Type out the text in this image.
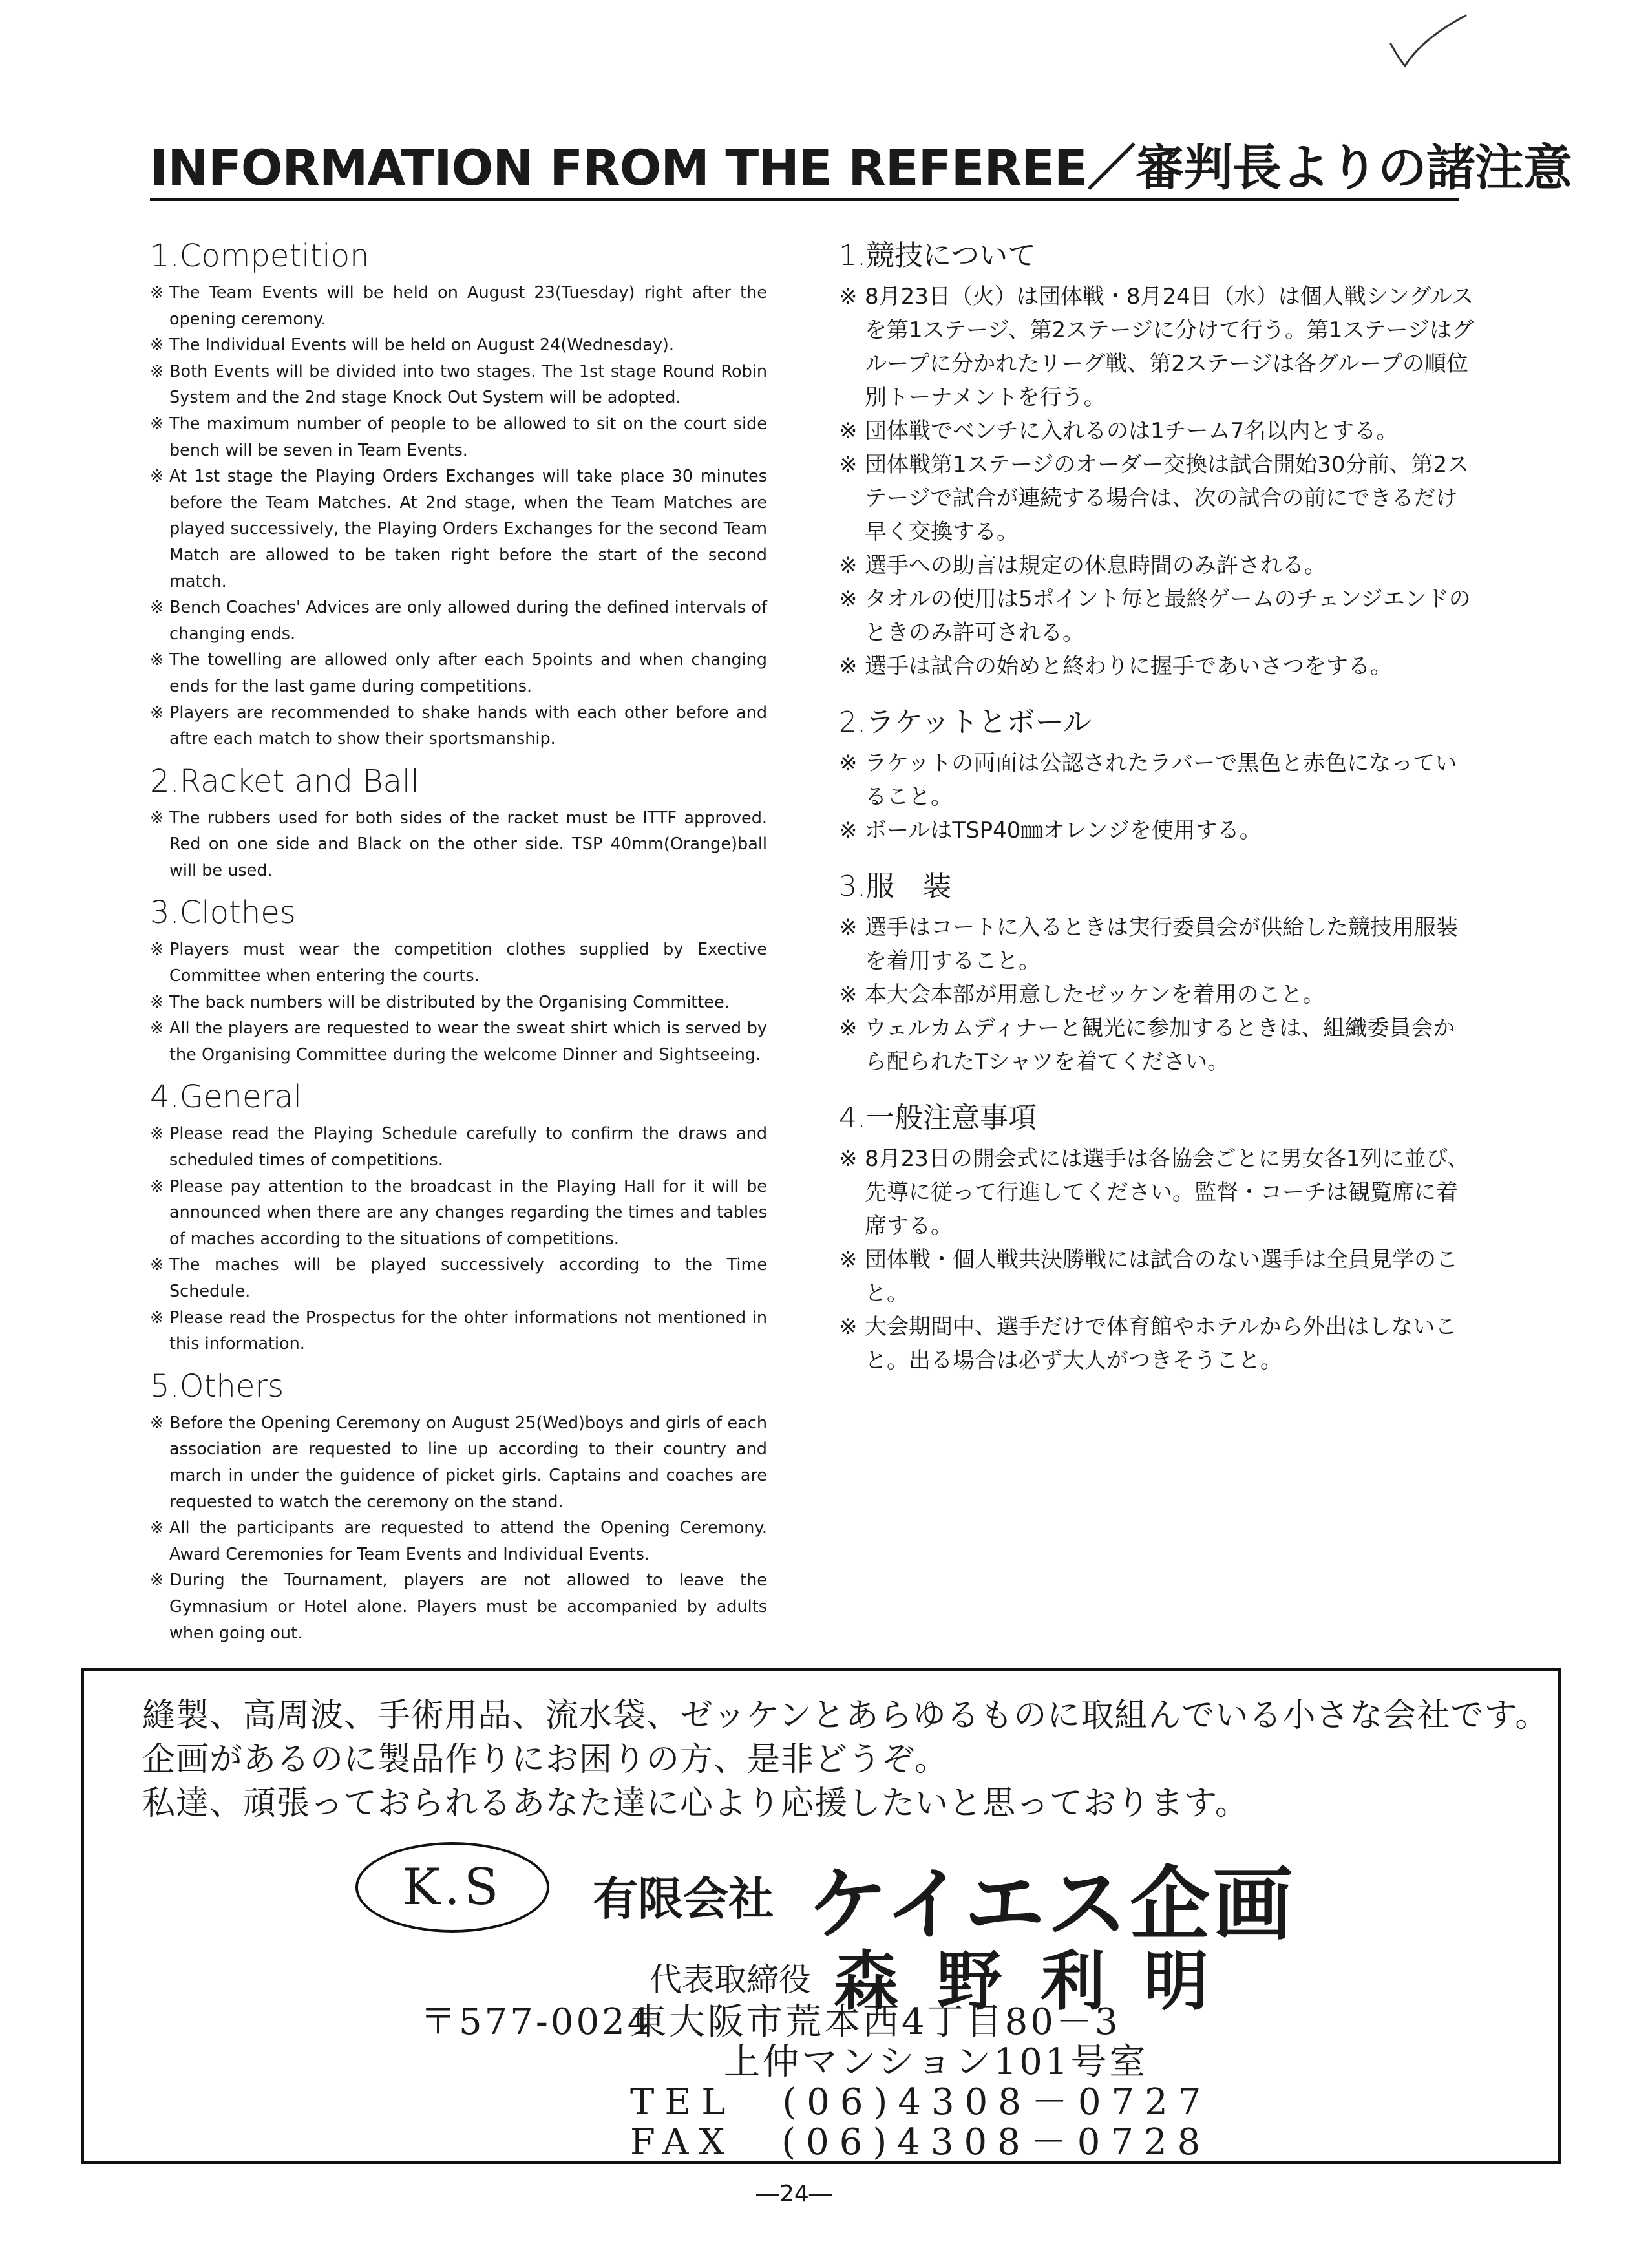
INFORMATION FROM THE REFEREE／審判長よりの諸注意
1.Competition
※ The Team Events will be held on August 23(Tuesday) right after the opening ceremony.
※ The Individual Events will be held on August 24(Wednesday).
※ Both Events will be divided into two stages. The 1st stage Round Robin System and the 2nd stage Knock Out System will be adopted.
※ The maximum number of people to be allowed to sit on the court side bench will be seven in Team Events.
※ At 1st stage the Playing Orders Exchanges will take place 30 minutes before the Team Matches. At 2nd stage, when the Team Matches are played successively, the Playing Orders Exchanges for the second Team Match are allowed to be taken right before the start of the second match.
※ Bench Coaches' Advices are only allowed during the defined intervals of changing ends.
※ The towelling are allowed only after each 5points and when changing ends for the last game during competitions.
※ Players are recommended to shake hands with each other before and aftre each match to show their sportsmanship.
2.Racket and Ball
※ The rubbers used for both sides of the racket must be ITTF approved. Red on one side and Black on the other side. TSP 40mm(Orange)ball will be used.
3.Clothes
※ Players must wear the competition clothes supplied by Exective Committee when entering the courts.
※ The back numbers will be distributed by the Organising Committee.
※ All the players are requested to wear the sweat shirt which is served by the Organising Committee during the welcome Dinner and Sightseeing.
4.General
※ Please read the Playing Schedule carefully to confirm the draws and scheduled times of competitions.
※ Please pay attention to the broadcast in the Playing Hall for it will be announced when there are any changes regarding the times and tables of maches according to the situations of competitions.
※ The maches will be played successively according to the Time Schedule.
※ Please read the Prospectus for the ohter informations not mentioned in this information.
5.Others
※ Before the Opening Ceremony on August 25(Wed)boys and girls of each association are requested to line up according to their country and march in under the guidence of picket girls. Captains and coaches are requested to watch the ceremony on the stand.
※ All the participants are requested to attend the Opening Ceremony. Award Ceremonies for Team Events and Individual Events.
※ During the Tournament, players are not allowed to leave the Gymnasium or Hotel alone. Players must be accompanied by adults when going out.
1.競技について
※ 8月23日（火）は団体戦・8月24日（水）は個人戦シングルスを第1ステージ、第2ステージに分けて行う。第1ステージはグループに分かれたリーグ戦、第2ステージは各グループの順位別トーナメントを行う。
※ 団体戦でベンチに入れるのは1チーム7名以内とする。
※ 団体戦第1ステージのオーダー交換は試合開始30分前、第2ステージで試合が連続する場合は、次の試合の前にできるだけ早く交換する。
※ 選手への助言は規定の休息時間のみ許される。
※ タオルの使用は5ポイント毎と最終ゲームのチェンジエンドのときのみ許可される。
※ 選手は試合の始めと終わりに握手であいさつをする。
2.ラケットとボール
※ ラケットの両面は公認されたラバーで黒色と赤色になっていること。
※ ボールはTSP40㎜オレンジを使用する。
3.服　装
※ 選手はコートに入るときは実行委員会が供給した競技用服装を着用すること。
※ 本大会本部が用意したゼッケンを着用のこと。
※ ウェルカムディナーと観光に参加するときは、組織委員会から配られたTシャツを着てください。
4.一般注意事項
※ 8月23日の開会式には選手は各協会ごとに男女各1列に並び、先導に従って行進してください。監督・コーチは観覧席に着席する。
※ 団体戦・個人戦共決勝戦には試合のない選手は全員見学のこと。
※ 大会期間中、選手だけで体育館やホテルから外出はしないこと。出る場合は必ず大人がつきそうこと。
縫製、高周波、手術用品、流水袋、ゼッケンとあらゆるものに取組んでいる小さな会社です。
企画があるのに製品作りにお困りの方、是非どうぞ。
私達、頑張っておられるあなた達に心より応援したいと思っております。
K.S	有限会社 ケイエス企画
代表取締役 森野利明
〒577-0024
東大阪市荒本西4丁目80－3
上仲マンション101号室
TEL　(06)4308－0727
FAX　(06)4308－0728
―24―
